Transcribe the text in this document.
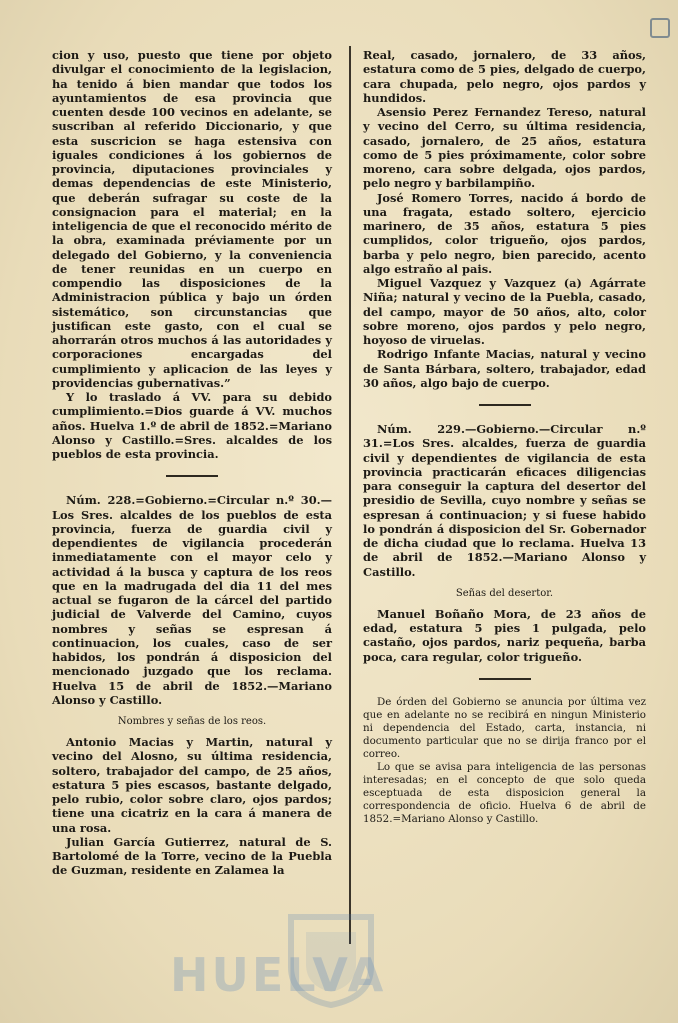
cion y uso, puesto que tiene por objeto divulgar el conocimiento de la legislacion, ha tenido á bien mandar que todos los ayuntamientos de esa provincia que cuenten desde 100 vecinos en adelante, se suscriban al referido Diccionario, y que esta suscricion se haga estensiva con iguales condiciones á los gobiernos de provincia, diputaciones provinciales y demas dependencias de este Ministerio, que deberán sufragar su coste de la consignacion para el material; en la inteligencia de que el reconocido mérito de la obra, examinada préviamente por un delegado del Gobierno, y la conveniencia de tener reunidas en un cuerpo en compendio las disposiciones de la Administracion pública y bajo un órden sistemático, son circunstancias que justifican este gasto, con el cual se ahorrarán otros muchos á las autoridades y corporaciones encargadas del cumplimiento y aplicacion de las leyes y providencias gubernativas.”

Y lo traslado á VV. para su debido cumplimiento.=Dios guarde á VV. muchos años. Huelva 1.º de abril de 1852.=Mariano Alonso y Castillo.=Sres. alcaldes de los pueblos de esta provincia.

Núm. 228.=Gobierno.=Circular n.º 30.—Los Sres. alcaldes de los pueblos de esta provincia, fuerza de guardia civil y dependientes de vigilancia procederán inmediatamente con el mayor celo y actividad á la busca y captura de los reos que en la madrugada del dia 11 del mes actual se fugaron de la cárcel del partido judicial de Valverde del Camino, cuyos nombres y señas se espresan á continuacion, los cuales, caso de ser habidos, los pondrán á disposicion del mencionado juzgado que los reclama. Huelva 15 de abril de 1852.—Mariano Alonso y Castillo.

Nombres y señas de los reos.

Antonio Macias y Martin, natural y vecino del Alosno, su última residencia, soltero, trabajador del campo, de 25 años, estatura 5 pies escasos, bastante delgado, pelo rubio, color sobre claro, ojos pardos; tiene una cicatriz en la cara á manera de una rosa.

Julian García Gutierrez, natural de S. Bartolomé de la Torre, vecino de la Puebla de Guzman, residente en Zalamea la

Real, casado, jornalero, de 33 años, estatura como de 5 pies, delgado de cuerpo, cara chupada, pelo negro, ojos pardos y hundidos.

Asensio Perez Fernandez Tereso, natural y vecino del Cerro, su última residencia, casado, jornalero, de 25 años, estatura como de 5 pies próximamente, color sobre moreno, cara sobre delgada, ojos pardos, pelo negro y barbilampiño.

José Romero Torres, nacido á bordo de una fragata, estado soltero, ejercicio marinero, de 35 años, estatura 5 pies cumplidos, color trigueño, ojos pardos, barba y pelo negro, bien parecido, acento algo estraño al pais.

Miguel Vazquez y Vazquez (a) Agárrate Niña; natural y vecino de la Puebla, casado, del campo, mayor de 50 años, alto, color sobre moreno, ojos pardos y pelo negro, hoyoso de viruelas.

Rodrigo Infante Macias, natural y vecino de Santa Bárbara, soltero, trabajador, edad 30 años, algo bajo de cuerpo.

Núm. 229.—Gobierno.—Circular n.º 31.=Los Sres. alcaldes, fuerza de guardia civil y dependientes de vigilancia de esta provincia practicarán eficaces diligencias para conseguir la captura del desertor del presidio de Sevilla, cuyo nombre y señas se espresan á continuacion; y si fuese habido lo pondrán á disposicion del Sr. Gobernador de dicha ciudad que lo reclama. Huelva 13 de abril de 1852.—Mariano Alonso y Castillo.

Señas del desertor.

Manuel Boñaño Mora, de 23 años de edad, estatura 5 pies 1 pulgada, pelo castaño, ojos pardos, nariz pequeña, barba poca, cara regular, color trigueño.

De órden del Gobierno se anuncia por última vez que en adelante no se recibirá en ningun Ministerio ni dependencia del Estado, carta, instancia, ni documento particular que no se dirija franco por el correo.

Lo que se avisa para inteligencia de las personas interesadas; en el concepto de que solo queda esceptuada de esta disposicion general la correspondencia de oficio. Huelva 6 de abril de 1852.=Mariano Alonso y Castillo.

HUELVA
